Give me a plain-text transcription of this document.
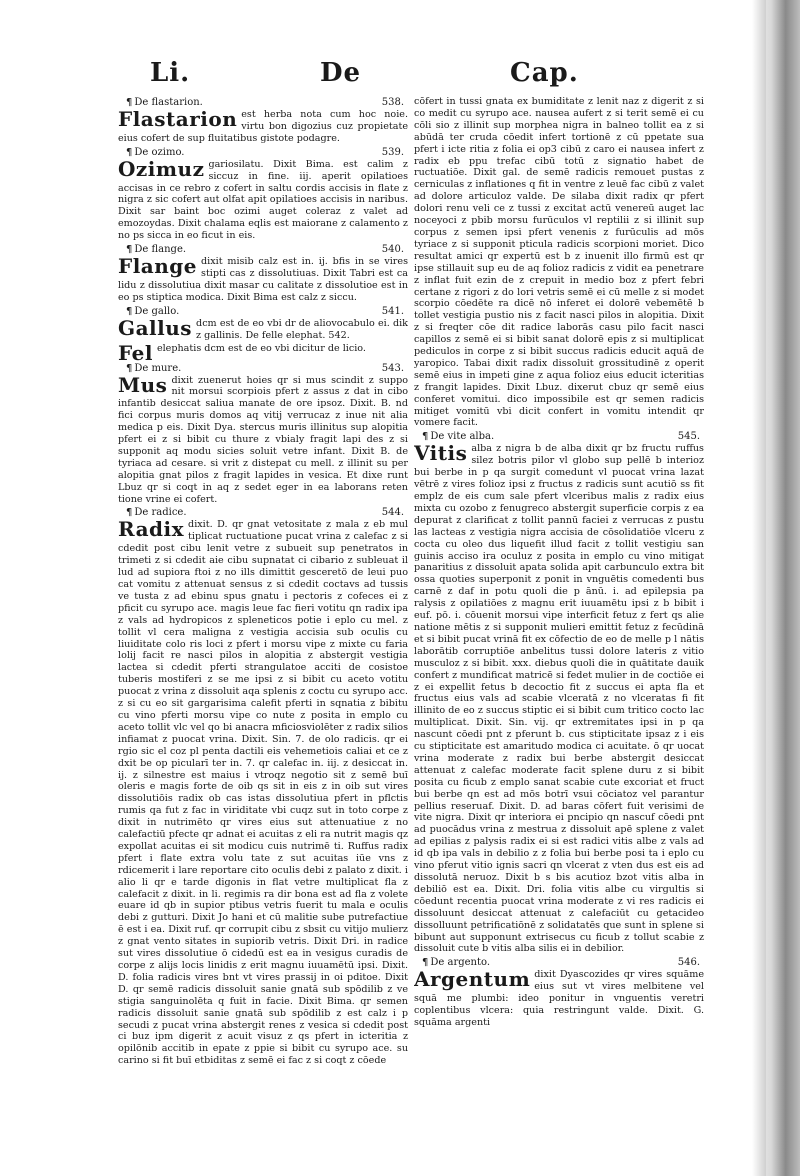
Li.	De	Cap.
¶ De flastarion.	538.
Flastarion est herba nota cum hoc noie. virtu bon digozius cuz propietate eius cofert de sup fluitatibus gistote podagre.
¶ De ozimo.	539.
Ozimuz gariosilatu. Dixit Bima. est calim z siccuz in fine. iij. aperit opilatioes accisas in ce rebro z cofert in saltu cordis accisis in flate z nigra z sic cofert aut olfat apit opilatioes accisis in naribus. Dixit sar baint boc ozimi auget coleraz z valet ad emozoydas. Dixit chalama eqlis est maiorane z calamento z no ps sicca in eo ficut in eis.
¶ De flange.	540.
Flange dixit misib calz est in. ij. bfis in se vires stipti cas z dissolutiuas. Dixit Tabri est ca lidu z dissolutiua dixit masar cu calitate z dissolutioe est in eo ps stiptica modica. Dixit Bima est calz z siccu.
¶ De gallo.	541.
Gallus dcm est de eo vbi dr de aliovocabulo ei. dik z gallinis. De felle elephat. 542.
Fel elephatis dcm est de eo vbi dicitur de licio.
¶ De mure.	543.
Mus dixit zuenerut hoies qr si mus scindit z suppo nit morsui scorpiois pfert z assus z dat in cibo infantib desiccat saliua manate de ore ipsoz. Dixit. B. nd fici corpus muris domos aq vitij verrucaz z inue nit alia medica p eis. Dixit Dya. stercus muris illinitus sup alopitia pfert ei z si bibit cu thure z vbialy fragit lapi des z si supponit aq modu sicies soluit vetre infant. Dixit B. de tyriaca ad cesare. si vrit z distepat cu mell. z illinit su per alopitia gnat pilos z fragit lapides in vesica. Et dixe runt Lbuz qr si coqt in aq z sedet eger in ea laborans reten tione vrine ei cofert.
¶ De radice.	544.
Radix dixit. D. qr gnat vetositate z mala z eb mul tiplicat ructuatione pucat vrina z calefac z si cdedit post cibu lenit vetre z subueit sup penetratos in trimeti z si cdedit aie cibu supnatat ci cibario z subleuat il lud ad supiora ftoi z no ills dimittit gesceretö de leui puo cat vomitu z attenuat sensus z si cdedit coctavs ad tussis ve tusta z ad ebinu spus gnatu i pectoris z cofeces ei z pficit cu syrupo ace. magis leue fac fieri votitu qn radix ipa z vals ad hydropicos z spleneticos potie i eplo cu mel. z tollit vl cera maligna z vestigia accisia sub oculis cu liuiditate colo ris loci z pfert i morsu vipe z mixte cu faria lolij facit re nasci pilos in alopitia z abstergit vestigia lactea si cdedit pferti strangulatoe acciti de cosistoe tuberis mostiferi z se me ipsi z si bibit cu aceto votitu puocat z vrina z dissoluit aqa splenis z coctu cu syrupo acc. z si cu eo sit gargarisima calefit pferti in sqnatia z bibitu cu vino pferti morsu vipe co nute z posita in emplo cu aceto tollit vlc vel qo bi anacra mficiosviolēter z radix silios infiamat z puocat vrina. Dixit. Sin. 7. de olo radicis. qr ei rgio sic el coz pl penta dactili eis vehemetiois caliai et ce z dxit be op picularī ter in. 7. qr calefac in. iij. z desiccat in. ij. z silnestre est maius i vtroqz negotio sit z semē buī oleris e magis forte de oib qs sit in eis z in oib sut vires dissolutiōis radix ob cas istas dissolutiua pfert in pflctis rumis qa fut z fac in viriditate vbi cuqz sut in toto corpe z dixit in nutrimēto qr vires eius sut attenuatiue z no calefactiū pfecte qr adnat ei acuitas z eli ra nutrit magis qz expollat acuitas ei sit modicu cuis nutrimē ti. Ruffus radix pfert i flate extra volu tate z sut acuitas iūe vns z rdicemerit i lare reportare cito oculis debi z palato z dixit. i alio li qr e tarde digonis in flat vetre multiplicat fla z calefacit z dixit. in li. regimis ra dir bona est ad fla z volete euare id qb in supior ptibus vetris fuerit tu mala e oculis debi z gutturi. Dixit Jo hani et cū malitie sube putrefactiue ē est i ea. Dixit ruf. qr corrupit cibu z sbsit cu vitijo mulierz z gnat vento sitates in supiorib vetris. Dixit Dri. in radice sut vires dissolutiue ō cidedū est ea in vesigus curadis de corpe z alijs locis linidis z erit magnu iuuamētū ipsi. Dixit. D. folia radicis vires bnt vt vires prassij in oi pditoe. Dixit D. qr semē radicis dissoluit sanie gnatā sub spōdilib z ve stigia sanguinolēta q fuit in facie. Dixit Bima. qr semen radicis dissoluit sanie gnatā sub spōdilib z est calz i p secudi z pucat vrina abstergit renes z vesica si cdedit post ci buz ipm digerit z acuit visuz z qs pfert in icteritia z opilōnib accitib in epate z ppie si bibit cu syrupo ace. su carino si fit buī etbiditas z semē ei fac z si coqt z cōede
cōfert in tussi gnata ex bumiditate z lenit naz z digerit z si co medit cu syrupo ace. nausea aufert z si terit semē ei cu cōli sio z illinit sup morphea nigra in balneo tollit ea z si abūdā ter cruda cōedit infert tortionē z cū ppetate sua pfert i icte ritia z folia ei op3 cibū z caro ei nausea infert z radix eb ppu trefac cibū totū z signatio habet de ructuatiōe. Dixit gal. de semē radicis remouet pustas z cerniculas z inflationes q fit in ventre z leuē fac cibū z valet ad dolore articuloz valde. De silaba dixit radix qr pfert dolori renu veli ce z tussi z excitat actū venereū auget lac noceyoci z pbib morsu furūculos vl reptilii z si illinit sup corpus z semen ipsi pfert venenis z furūculis ad mōs tyriace z si supponit pticula radicis scorpioni moriet. Dico resultat amici qr expertū est b z inuenit illo firmū est qr ipse stillauit sup eu de aq folioz radicis z vidit ea penetrare z inflat fuit ezin de z crepuit in medio boz z pfert febri certane z rigori z do lori vetris semē ei cū melle z si modet scorpio cōedēte ra dicē nō inferet ei dolorē vebemētē b tollet vestigia pustio nis z facit nasci pilos in alopitia. Dixit z si freqter cōe dit radice laborās casu pilo facit nasci capillos z semē ei si bibit sanat dolorē epis z si multiplicat pediculos in corpe z si bibit succus radicis educit aquā de yaropico. Tabai dixit radix dissoluit grossitudinē z operit semē eius in impeti gine z aqua folioz eius educit icteritias z frangit lapides. Dixit Lbuz. dixerut cbuz qr semē eius conferet vomitui. dico impossibile est qr semen radicis mitiget vomitū vbi dicit confert in vomitu intendit qr vomere facit.
¶ De vite alba.	545.
Vitis alba z nigra b de alba dixit qr bz fructu ruffus silez botris pilor vl globo sup pellē b interioz bui berbe in p qa surgit comedunt vl puocat vrina lazat vētrē z vires folioz ipsi z fructus z radicis sunt acutiō ss fit emplz de eis cum sale pfert vlceribus malis z radix eius mixta cu ozobo z fenugreco abstergit superficie corpis z ea depurat z clarificat z tollit pannū faciei z verrucas z pustu las lacteas z vestigia nigra accisia de cōsolidatiōe vlceru z cocta cu oleo dus liquefit illud facit z tollit vestigiu san guinis acciso ira oculuz z posita in emplo cu vino mitigat panaritius z dissoluit apata solida apit carbunculo extra bit ossa quoties superponit z ponit in vnguētis comedenti bus carnē z daf in potu quoli die p ānū. i. ad epilepsia pa ralysis z opilatiōes z magnu erit iuuamētu ipsi z b bibit i euf. pō. i. cōuenit morsui vipe interficit fetuz z fert qs alie natione mētis z si supponit mulieri emittit fetuz z fecūdinā et si bibit pucat vrinā fit ex cōfectio de eo de melle p l nātis laborātib corruptiōe anbelitus tussi dolore lateris z vitio musculoz z si bibit. xxx. diebus quoli die in quātitate dauik confert z mundificat matricē si fedet mulier in de coctiōe ei z ei expellit fetus b decoctio fit z succus ei apta fla et fructus eius vals ad scabie vlceratā z no vlceratas fi fit illinito de eo z succus stiptic ei si bibit cum tritico cocto lac multiplicat. Dixit. Sin. vij. qr extremitates ipsi in p qa nascunt cōedi pnt z pferunt b. cus stipticitate ipsaz z i eis cu stipticitate est amaritudo modica ci acuitate. ō qr uocat vrina moderate z radix bui berbe abstergit desiccat attenuat z calefac moderate facit splene duru z si bibit posita cu ficub z emplo sanat scabie cute excoriat et fruct bui berbe qn est ad mōs botrī vsui cōciatoz vel parantur pellius reseruaf. Dixit. D. ad baras cōfert fuit verisimi de vite nigra. Dixit qr interiora ei pncipio qn nascuf cōedi pnt ad puocādus vrina z mestrua z dissoluit apē splene z valet ad epilias z palysis radix ei si est radici vitis albe z vals ad id qb ipa vals in debilio z z folia bui berbe posi ta i eplo cu vino pferut vitio ignis sacri qn vlcerat z vten dus est eis ad dissolutā neruoz. Dixit b s bis acutioz bzot vitis alba in debiliō est ea. Dixit. Dri. folia vitis albe cu virgultis si cōedunt recentia puocat vrina moderate z vi res radicis ei dissoluunt desiccat attenuat z calefaciūt cu getacideo dissolluunt petrificatiōnē z solidatatēs que sunt in splene si bibunt aut supponunt extrisecus cu ficub z tollut scabie z dissoluit cute b vitis alba silis ei in debilior.
¶ De argento.	546.
Argentum dixit Dyascozides qr vires squāme eius sut vt vires melbitene vel squā me plumbi: ideo ponitur in vnguentis veretri coplentibus vlcera: quia restringunt valde. Dixit. G. squāma argenti
